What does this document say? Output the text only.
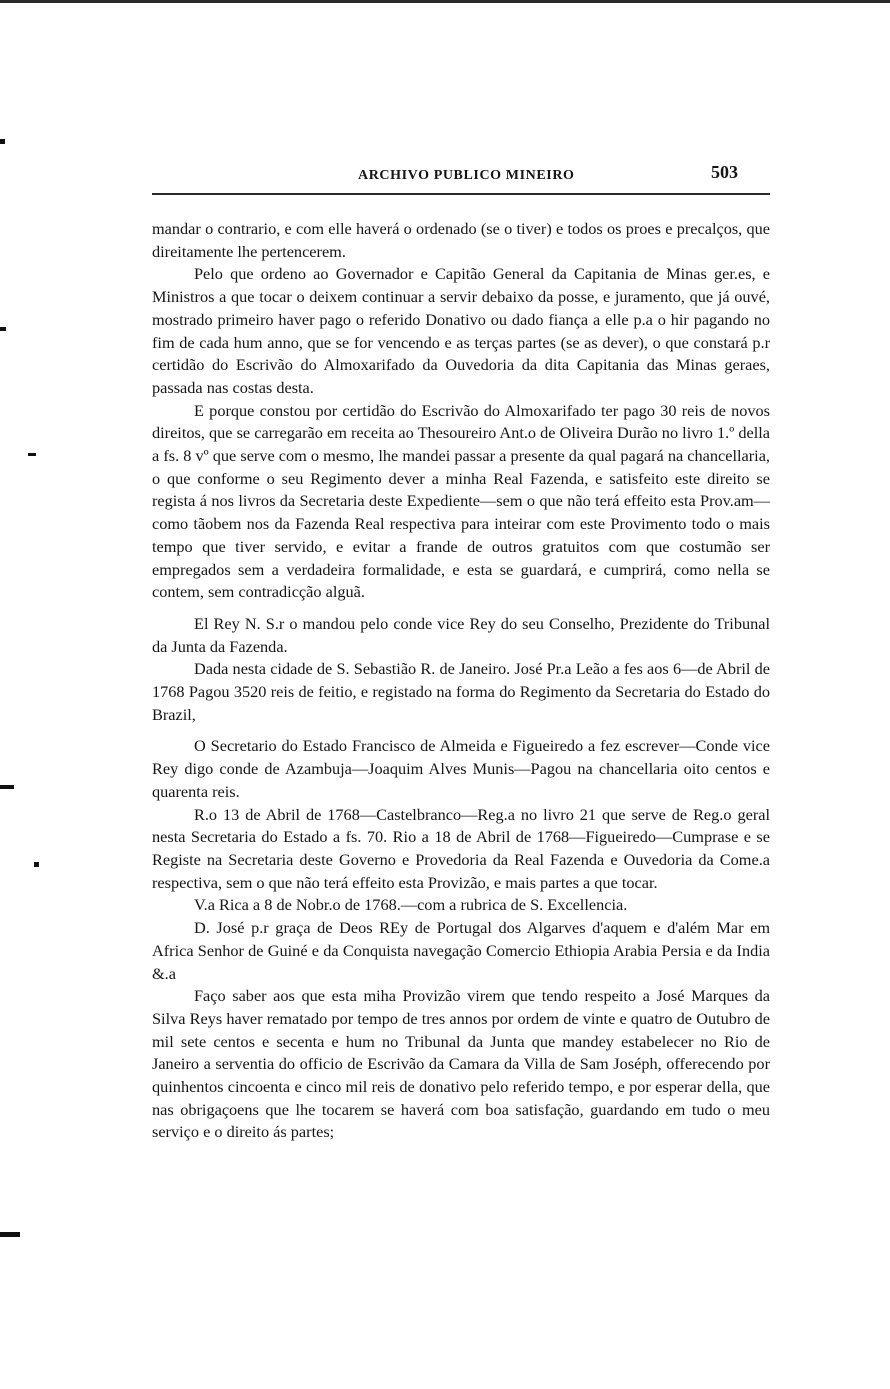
ARCHIVO PUBLICO MINEIRO	503

mandar o contrario, e com elle haverá o ordenado (se o tiver) e todos os proes e precalços, que direitamente lhe pertencerem.

Pelo que ordeno ao Governador e Capitão General da Capitania de Minas ger.es, e Ministros a que tocar o deixem continuar a servir debaixo da posse, e juramento, que já ouvé, mostrado primeiro haver pago o referido Donativo ou dado fiança a elle p.a o hir pagando no fim de cada hum anno, que se for vencendo e as terças partes (se as dever), o que constará p.r certidão do Escrivão do Almoxarifado da Ouvedoria da dita Capitania das Minas geraes, passada nas costas desta.

E porque constou por certidão do Escrivão do Almoxarifado ter pago 30 reis de novos direitos, que se carregarão em receita ao Thesoureiro Ant.o de Oliveira Durão no livro 1.º della a fs. 8 vº que serve com o mesmo, lhe mandei passar a presente da qual pagará na chancellaria, o que conforme o seu Regimento dever a minha Real Fazenda, e satisfeito este direito se regista á nos livros da Secretaria deste Expediente—sem o que não terá effeito esta Prov.am—como tãobem nos da Fazenda Real respectiva para inteirar com este Provimento todo o mais tempo que tiver servido, e evitar a frande de outros gratuitos com que costumão ser empregados sem a verdadeira formalidade, e esta se guardará, e cumprirá, como nella se contem, sem contradicção alguã.

El Rey N. S.r o mandou pelo conde vice Rey do seu Conselho, Prezidente do Tribunal da Junta da Fazenda.

Dada nesta cidade de S. Sebastião R. de Janeiro. José Pr.a Leão a fes aos 6—de Abril de 1768 Pagou 3520 reis de feitio, e registado na forma do Regimento da Secretaria do Estado do Brazil,

O Secretario do Estado Francisco de Almeida e Figueiredo a fez escrever—Conde vice Rey digo conde de Azambuja—Joaquim Alves Munis—Pagou na chancellaria oito centos e quarenta reis.

R.o 13 de Abril de 1768—Castelbranco—Reg.a no livro 21 que serve de Reg.o geral nesta Secretaria do Estado a fs. 70. Rio a 18 de Abril de 1768—Figueiredo—Cumprase e se Registe na Secretaria deste Governo e Provedoria da Real Fazenda e Ouvedoria da Come.a respectiva, sem o que não terá effeito esta Provizão, e mais partes a que tocar.

V.a Rica a 8 de Nobr.o de 1768.—com a rubrica de S. Excellencia.

D. José p.r graça de Deos REy de Portugal dos Algarves d'aquem e d'além Mar em Africa Senhor de Guiné e da Conquista navegação Comercio Ethiopia Arabia Persia e da India &.a

Faço saber aos que esta miha Provizão virem que tendo respeito a José Marques da Silva Reys haver rematado por tempo de tres annos por ordem de vinte e quatro de Outubro de mil sete centos e secenta e hum no Tribunal da Junta que mandey estabelecer no Rio de Janeiro a serventia do officio de Escrivão da Camara da Villa de Sam Joséph, offerecendo por quinhentos cincoenta e cinco mil reis de donativo pelo referido tempo, e por esperar della, que nas obrigaçoens que lhe tocarem se haverá com boa satisfação, guardando em tudo o meu serviço e o direito ás partes;
